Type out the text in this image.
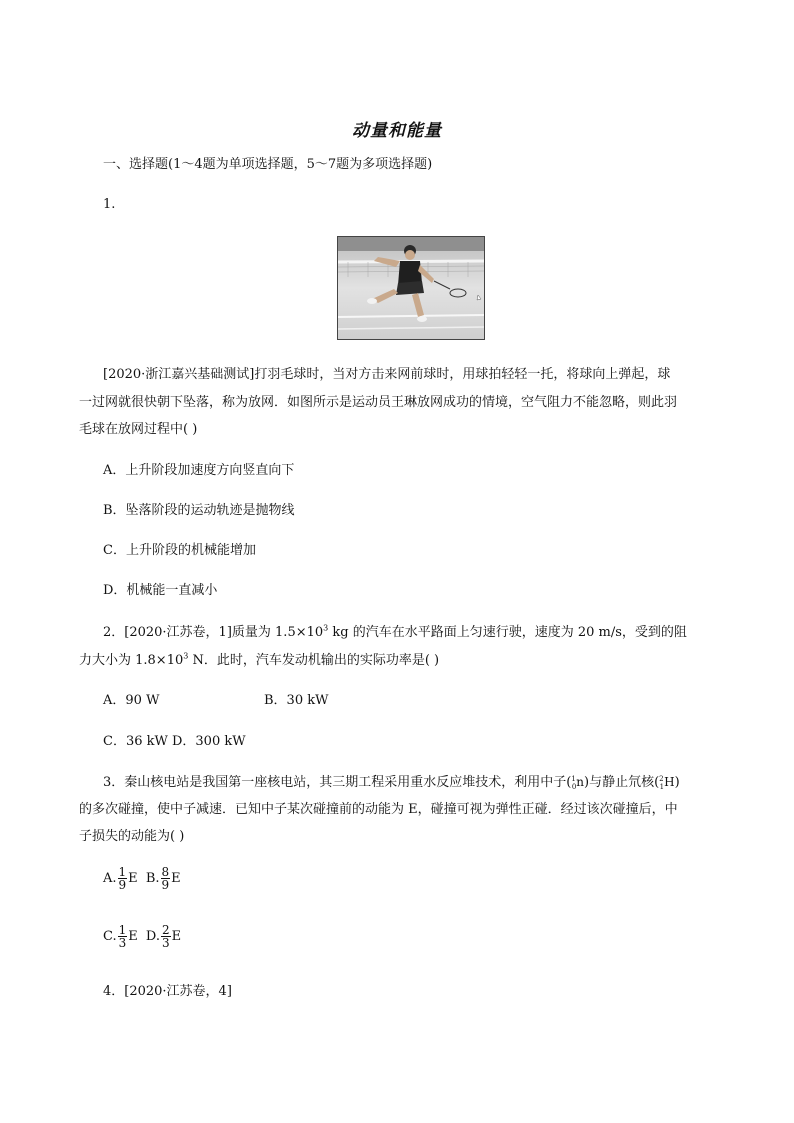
动量和能量
一、选择题(1～4题为单项选择题，5～7题为多项选择题)
1.
[2020·浙江嘉兴基础测试]打羽毛球时，当对方击来网前球时，用球拍轻轻一托，将球向上弹起，球
一过网就很快朝下坠落，称为放网．如图所示是运动员王琳放网成功的情境，空气阻力不能忽略，则此羽
毛球在放网过程中( )
A．上升阶段加速度方向竖直向下
B．坠落阶段的运动轨迹是抛物线
C．上升阶段的机械能增加
D．机械能一直减小
2．[2020·江苏卷，1]质量为 $1.5\times 10^3$ kg 的汽车在水平路面上匀速行驶，速度为 20 m/s，受到的阻
力大小为 $1.8\times 10^3$ N．此时，汽车发动机输出的实际功率是( )
A．90 W	B．30 kW
C．36 kW D．300 kW
3．秦山核电站是我国第一座核电站，其三期工程采用重水反应堆技术，利用中子($^1_0$n)与静止氘核($^2_1$H)
的多次碰撞，使中子减速．已知中子某次碰撞前的动能为 E，碰撞可视为弹性正碰．经过该次碰撞后，中
子损失的动能为( )
A. $\frac{1}{9}$ E B. $\frac{8}{9}$ E
C. $\frac{1}{3}$ E D. $\frac{2}{3}$ E
4．[2020·江苏卷，4]
